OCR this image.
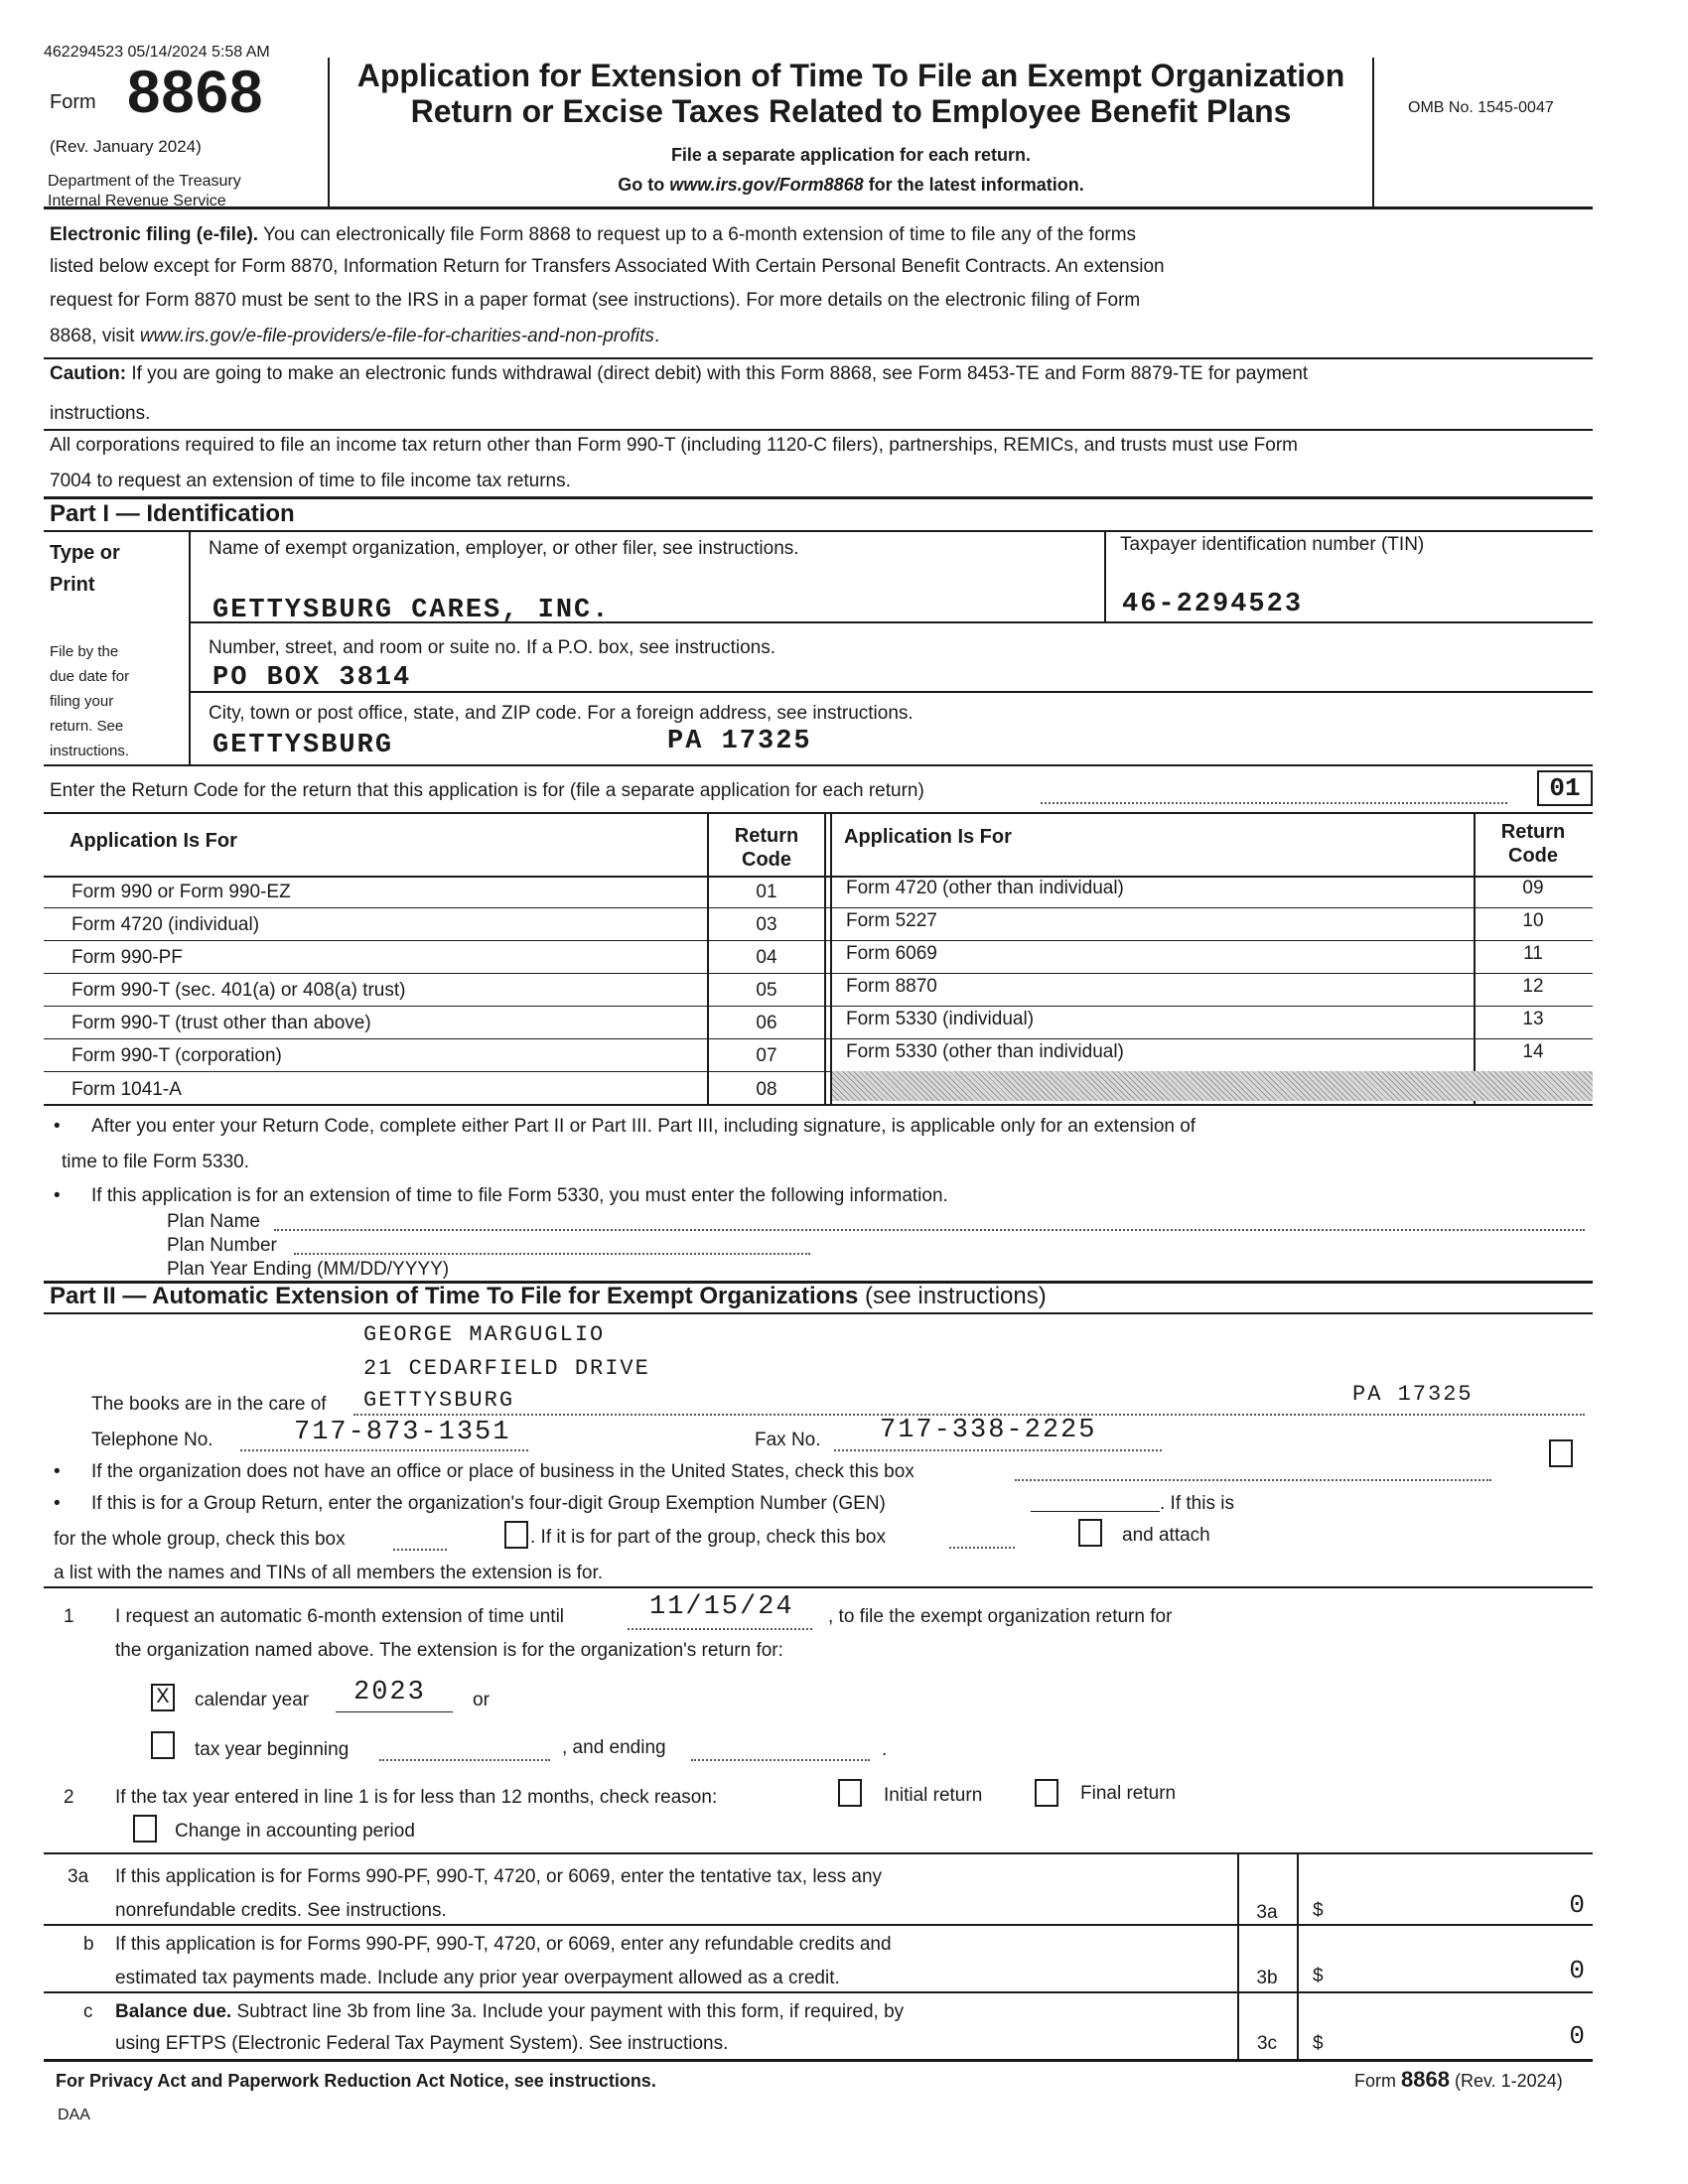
462294523 05/14/2024 5:58 AM
Form 8868
(Rev. January 2024)
Department of the Treasury
Internal Revenue Service
Application for Extension of Time To File an Exempt Organization
Return or Excise Taxes Related to Employee Benefit Plans
File a separate application for each return.
Go to www.irs.gov/Form8868 for the latest information.
OMB No. 1545-0047
Electronic filing (e-file). You can electronically file Form 8868 to request up to a 6-month extension of time to file any of the forms
listed below except for Form 8870, Information Return for Transfers Associated With Certain Personal Benefit Contracts. An extension
request for Form 8870 must be sent to the IRS in a paper format (see instructions). For more details on the electronic filing of Form
8868, visit www.irs.gov/e-file-providers/e-file-for-charities-and-non-profits.
Caution: If you are going to make an electronic funds withdrawal (direct debit) with this Form 8868, see Form 8453-TE and Form 8879-TE for payment
instructions.
All corporations required to file an income tax return other than Form 990-T (including 1120-C filers), partnerships, REMICs, and trusts must use Form
7004 to request an extension of time to file income tax returns.
Part I — Identification
Type or
Print
File by the
due date for
filing your
return. See
instructions.
Name of exempt organization, employer, or other filer, see instructions.	Taxpayer identification number (TIN)
GETTYSBURG CARES, INC.	46-2294523
Number, street, and room or suite no. If a P.O. box, see instructions.
PO BOX 3814
City, town or post office, state, and ZIP code. For a foreign address, see instructions.
GETTYSBURG	PA 17325
Enter the Return Code for the return that this application is for (file a separate application for each return)	01
Application Is For	Return
Code
Application Is For	Return
Code
Form 990 or Form 990-EZ	01	Form 4720 (other than individual)	09
Form 4720 (individual)	03	Form 5227	10
Form 990-PF	04	Form 6069	11
Form 990-T (sec. 401(a) or 408(a) trust)	05	Form 8870	12
Form 990-T (trust other than above)	06	Form 5330 (individual)	13
Form 990-T (corporation)	07	Form 5330 (other than individual)	14
Form 1041-A	08
• After you enter your Return Code, complete either Part II or Part III. Part III, including signature, is applicable only for an extension of
time to file Form 5330.
• If this application is for an extension of time to file Form 5330, you must enter the following information.
Plan Name
Plan Number
Plan Year Ending (MM/DD/YYYY)
Part II — Automatic Extension of Time To File for Exempt Organizations (see instructions)
GEORGE MARGUGLIO
21 CEDARFIELD DRIVE
The books are in the care of GETTYSBURG	PA 17325
Telephone No.	717-873-1351	Fax No. 717-338-2225
• If the organization does not have an office or place of business in the United States, check this box
• If this is for a Group Return, enter the organization's four-digit Group Exemption Number (GEN)	. If this is
for the whole group, check this box	. If it is for part of the group, check this box	and attach
a list with the names and TINs of all members the extension is for.
1 I request an automatic 6-month extension of time until	11/15/24 , to file the exempt organization return for
the organization named above. The extension is for the organization's return for:
X calendar year 2023 or
tax year beginning	, and ending	.
2 If the tax year entered in line 1 is for less than 12 months, check reason:	Initial return	Final return
Change in accounting period
3a If this application is for Forms 990-PF, 990-T, 4720, or 6069, enter the tentative tax, less any
nonrefundable credits. See instructions.	3a	$	0
b If this application is for Forms 990-PF, 990-T, 4720, or 6069, enter any refundable credits and
estimated tax payments made. Include any prior year overpayment allowed as a credit.	3b	$	0
c Balance due. Subtract line 3b from line 3a. Include your payment with this form, if required, by
using EFTPS (Electronic Federal Tax Payment System). See instructions.	3c	$	0
For Privacy Act and Paperwork Reduction Act Notice, see instructions.	Form 8868 (Rev. 1-2024)
DAA
